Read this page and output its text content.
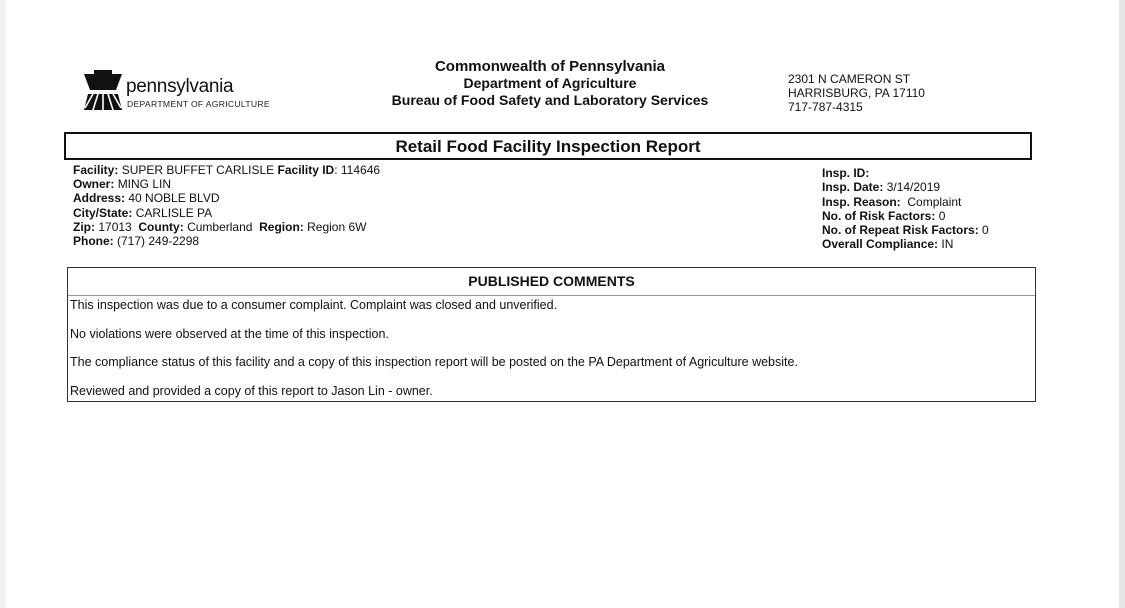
pennsylvania
DEPARTMENT OF AGRICULTURE
Commonwealth of Pennsylvania
Department of Agriculture
Bureau of Food Safety and Laboratory Services
2301 N CAMERON ST
HARRISBURG, PA 17110
717-787-4315
Retail Food Facility Inspection Report
Facility: SUPER BUFFET CARLISLE Facility ID: 114646
Owner: MING LIN
Address: 40 NOBLE BLVD
City/State: CARLISLE PA
Zip: 17013 County: Cumberland Region: Region 6W
Phone: (717) 249-2298
Insp. ID:
Insp. Date: 3/14/2019
Insp. Reason: Complaint
No. of Risk Factors: 0
No. of Repeat Risk Factors: 0
Overall Compliance: IN
PUBLISHED COMMENTS
This inspection was due to a consumer complaint. Complaint was closed and unverified.
No violations were observed at the time of this inspection.
The compliance status of this facility and a copy of this inspection report will be posted on the PA Department of Agriculture website.
Reviewed and provided a copy of this report to Jason Lin - owner.
